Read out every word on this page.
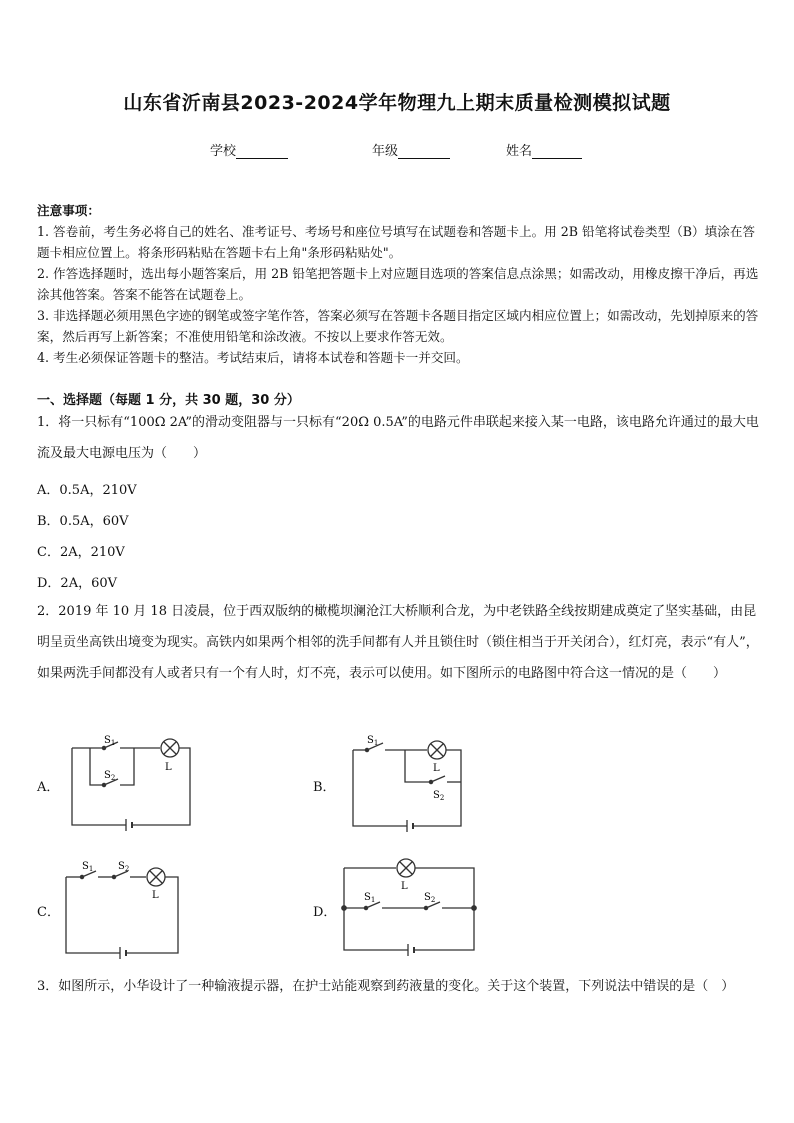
山东省沂南县2023-2024学年物理九上期末质量检测模拟试题
学校	年级	姓名
注意事项：
1. 答卷前，考生务必将自己的姓名、准考证号、考场号和座位号填写在试题卷和答题卡上。用 2B 铅笔将试卷类型（B）填涂在答题卡相应位置上。将条形码粘贴在答题卡右上角"条形码粘贴处"。
2. 作答选择题时，选出每小题答案后，用 2B 铅笔把答题卡上对应题目选项的答案信息点涂黑；如需改动，用橡皮擦干净后，再选涂其他答案。答案不能答在试题卷上。
3. 非选择题必须用黑色字迹的钢笔或签字笔作答，答案必须写在答题卡各题目指定区域内相应位置上；如需改动，先划掉原来的答案，然后再写上新答案；不准使用铅笔和涂改液。不按以上要求作答无效。
4. 考生必须保证答题卡的整洁。考试结束后，请将本试卷和答题卡一并交回。
一、选择题（每题 1 分，共 30 题，30 分）
1．将一只标有“100Ω 2A”的滑动变阻器与一只标有“20Ω 0.5A”的电路元件串联起来接入某一电路，该电路允许通过的最大电流及最大电源电压为（　　）
A．0.5A，210V
B．0.5A，60V
C．2A，210V
D．2A，60V
2．2019 年 10 月 18 日凌晨，位于西双版纳的橄榄坝澜沧江大桥顺利合龙，为中老铁路全线按期建成奠定了坚实基础，由昆明呈贡坐高铁出境变为现实。高铁内如果两个相邻的洗手间都有人并且锁住时（锁住相当于开关闭合），红灯亮，表示“有人”，如果两洗手间都没有人或者只有一个有人时，灯不亮，表示可以使用。如下图所示的电路图中符合这一情况的是（　　）
A．	B．
C．	D．
$S_1$
$S_2$
L
$S_1$
L
$S_2$
$S_1$ $S_2$
L
L
$S_1$	$S_2$
3．如图所示，小华设计了一种输液提示器，在护士站能观察到药液量的变化。关于这个装置，下列说法中错误的是（　）
